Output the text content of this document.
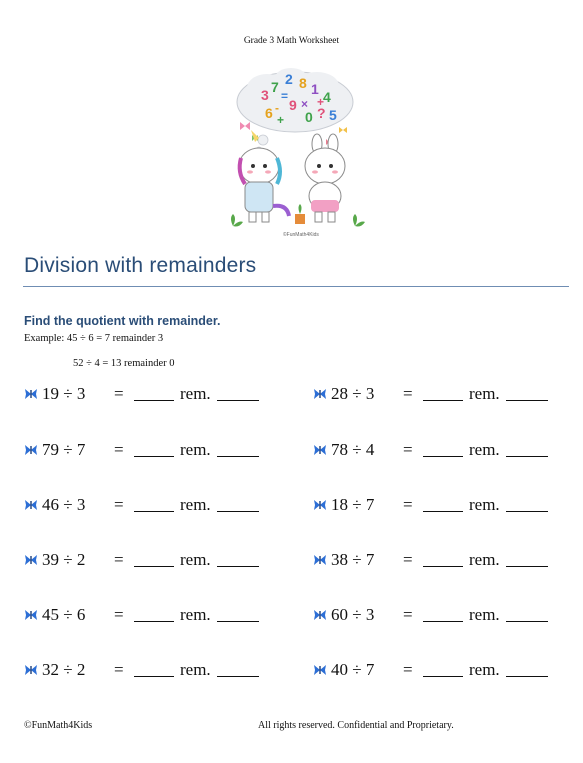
Grade 3 Math Worksheet
3 7 2 8 1 4
6 9
5
0 ?
=
-
+
× +
©FunMath4Kids
Division with remainders
Find the quotient with remainder.
Example: 45 ÷ 6 = 7 remainder 3
52 ÷ 4 = 13 remainder 0
19 ÷ 3 =	rem.
79 ÷ 7 =	rem.
46 ÷ 3 =	rem.
39 ÷ 2 =	rem.
45 ÷ 6 =	rem.
32 ÷ 2 =	rem.
28 ÷ 3 =	rem.
78 ÷ 4 =	rem.
18 ÷ 7 =	rem.
38 ÷ 7 =	rem.
60 ÷ 3 =	rem.
40 ÷ 7 =	rem.
©FunMath4Kids	All rights reserved. Confidential and Proprietary.
